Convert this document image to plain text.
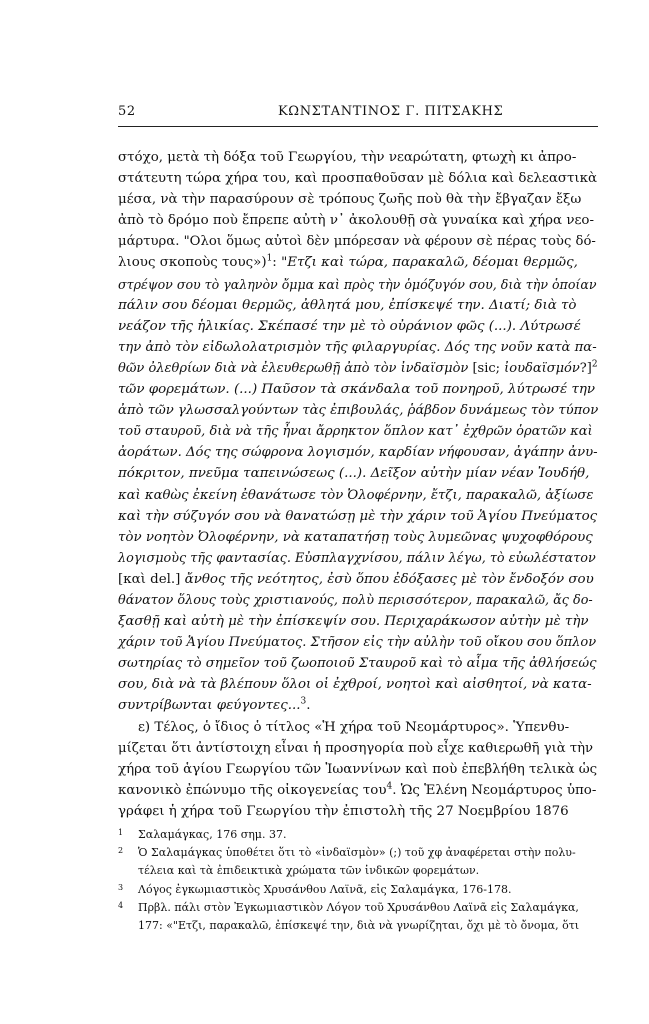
52	ΚΩΝΣΤΑΝΤΙΝΟΣ Γ. ΠΙΤΣΑΚΗΣ
στόχο, μετὰ τὴ δόξα τοῦ Γεωργίου, τὴν νεαρώτατη, φτωχὴ κι ἀπρο-
στάτευτη τώρα χήρα του, καὶ προσπαθοῦσαν μὲ δόλια καὶ δελεαστικὰ
μέσα, νὰ τὴν παρασύρουν σὲ τρόπους ζωῆς ποὺ θὰ τὴν ἔβγαζαν ἔξω
ἀπὸ τὸ δρόμο ποὺ ἔπρεπε αὐτὴ ν᾿ ἀκολουθῇ σὰ γυναίκα καὶ χήρα νεο-
μάρτυρα. "Ολοι ὅμως αὐτοὶ δὲν μπόρεσαν νὰ φέρουν σὲ πέρας τοὺς δό-
λιους σκοποὺς τους»)$^1$: "Ετζι καὶ τώρα, παρακαλῶ, δέομαι θερμῶς,
στρέψον σου τὸ γαληνὸν ὄμμα καὶ πρὸς τὴν ὁμόζυγόν σου, διὰ τὴν ὁποίαν
πάλιν σου δέομαι θερμῶς, ἀθλητά μου, ἐπίσκεψέ την. Διατί; διὰ τὸ
νεάζον τῆς ἡλικίας. Σκέπασέ την μὲ τὸ οὐράνιον φῶς (...). Λύτρωσέ
την ἀπὸ τὸν εἰδωλολατρισμὸν τῆς φιλαργυρίας. Δός της νοῦν κατὰ πα-
θῶν ὀλεθρίων διὰ νὰ ἐλευθερωθῇ ἀπὸ τὸν ἰνδαϊσμὸν [sic; ἰουδαϊσμόν?]$^2$
τῶν φορεμάτων. (...) Παῦσον τὰ σκάνδαλα τοῦ πονηροῦ, λύτρωσέ την
ἀπὸ τῶν γλωσσαλγούντων τὰς ἐπιβουλάς, ῥάβδον δυνάμεως τὸν τύπον
τοῦ σταυροῦ, διὰ νὰ τῆς ἦναι ἄρρηκτον ὅπλον κατ᾿ ἐχθρῶν ὁρατῶν καὶ
ἀοράτων. Δός της σώφρονα λογισμόν, καρδίαν νήφουσαν, ἀγάπην ἀνυ-
πόκριτον, πνεῦμα ταπεινώσεως (...). Δεῖξον αὐτὴν μίαν νέαν Ἰουδήθ,
καὶ καθὼς ἐκείνη ἐθανάτωσε τὸν Ὀλοφέρνην, ἔτζι, παρακαλῶ, ἀξίωσε
καὶ τὴν σύζυγόν σου νὰ θανατώσῃ μὲ τὴν χάριν τοῦ Ἁγίου Πνεύματος
τὸν νοητὸν Ὀλοφέρνην, νὰ καταπατήσῃ τοὺς λυμεῶνας ψυχοφθόρους
λογισμοὺς τῆς φαντασίας. Εὐσπλαγχνίσου, πάλιν λέγω, τὸ εὐωλέστατον
[καὶ del.] ἄνθος τῆς νεότητος, ἐσὺ ὅπου ἐδόξασες μὲ τὸν ἔνδοξόν σου
θάνατον ὅλους τοὺς χριστιανούς, πολὺ περισσότερον, παρακαλῶ, ἄς δο-
ξασθῇ καὶ αὐτὴ μὲ τὴν ἐπίσκεψίν σου. Περιχαράκωσον αὐτὴν μὲ τὴν
χάριν τοῦ Ἁγίου Πνεύματος. Στῆσον εἰς τὴν αὐλὴν τοῦ οἴκου σου ὅπλον
σωτηρίας τὸ σημεῖον τοῦ ζωοποιοῦ Σταυροῦ καὶ τὸ αἷμα τῆς ἀθλήσεώς
σου, διὰ νὰ τὰ βλέπουν ὅλοι οἱ ἐχθροί, νοητοὶ καὶ αἰσθητοί, νὰ κατα-
συντρίβωνται φεύγοντες...$^3$.
ε) Τέλος, ὁ ἴδιος ὁ τίτλος «Ἡ χήρα τοῦ Νεομάρτυρος». Ὑπενθυ-
μίζεται ὅτι ἀντίστοιχη εἶναι ἡ προσηγορία ποὺ εἶχε καθιερωθῆ γιὰ τὴν
χήρα τοῦ ἁγίου Γεωργίου τῶν Ἰωαννίνων καὶ ποὺ ἐπεβλήθη τελικὰ ὡς
κανονικὸ ἐπώνυμο τῆς οἰκογενείας του$^4$. Ὡς Ἑλένη Νεομάρτυρος ὑπο-
γράφει ἡ χήρα τοῦ Γεωργίου τὴν ἐπιστολὴ τῆς 27 Νοεμβρίου 1876
1 Σαλαμάγκας, 176 σημ. 37.
2 Ὁ Σαλαμάγκας ὑποθέτει ὅτι τὸ «ἰνδαϊσμὸν» (;) τοῦ χφ ἀναφέρεται στὴν πολυ-
τέλεια καὶ τὰ ἐπιδεικτικὰ χρώματα τῶν ἰνδικῶν φορεμάτων.
3 Λόγος ἐγκωμιαστικὸς Χρυσάνθου Λαϊνᾶ, εἰς Σαλαμάγκα, 176-178.
4 Πρβλ. πάλι στὸν Ἐγκωμιαστικὸν Λόγον τοῦ Χρυσάνθου Λαϊνᾶ εἰς Σαλαμάγκα,
177: «"Ετζι, παρακαλῶ, ἐπίσκεψέ την, διὰ νὰ γνωρίζηται, ὄχι μὲ τὸ ὄνομα, ὅτι
